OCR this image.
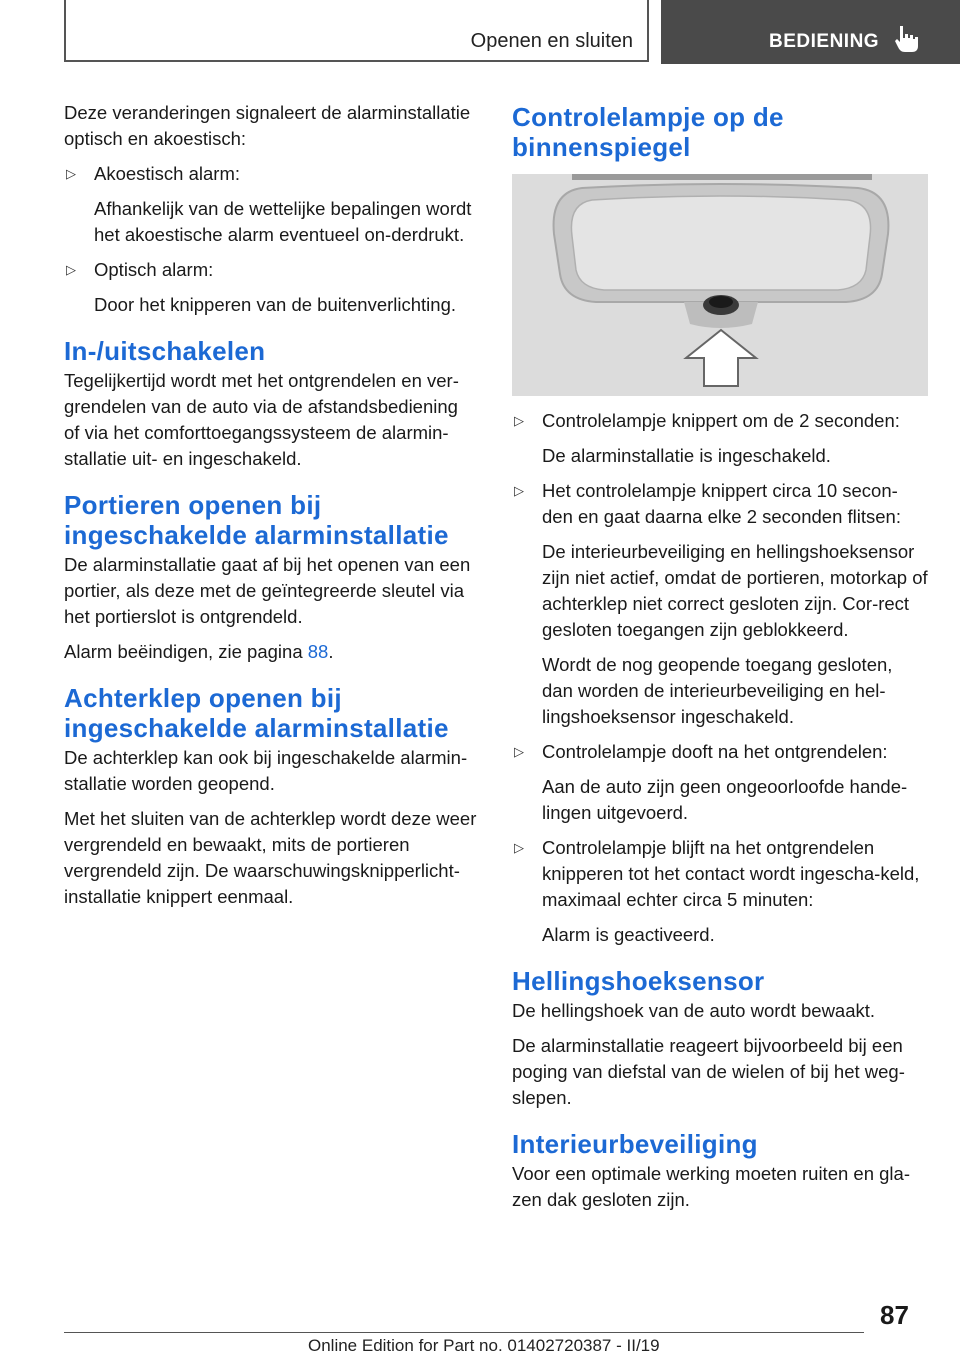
Openen en sluiten	BEDIENING

Deze veranderingen signaleert de alarminstallatie optisch en akoestisch:

▷ Akoestisch alarm:

Afhankelijk van de wettelijke bepalingen wordt het akoestische alarm eventueel on-derdrukt.

▷ Optisch alarm:

Door het knipperen van de buitenverlichting.

In-/uitschakelen

Tegelijkertijd wordt met het ontgrendelen en ver-grendelen van de auto via de afstandsbediening of via het comforttoegangssysteem de alarmin-stallatie uit- en ingeschakeld.

Portieren openen bij ingeschakelde alarminstallatie

De alarminstallatie gaat af bij het openen van een portier, als deze met de geïntegreerde sleutel via het portierslot is ontgrendeld.

Alarm beëindigen, zie pagina 88.

Achterklep openen bij ingeschakelde alarminstallatie

De achterklep kan ook bij ingeschakelde alarmin-stallatie worden geopend.

Met het sluiten van de achterklep wordt deze weer vergrendeld en bewaakt, mits de portieren vergrendeld zijn. De waarschuwingsknipperlicht-installatie knippert eenmaal.

Controlelampje op de binnenspiegel
▷ Controlelampje knippert om de 2 seconden:

De alarminstallatie is ingeschakeld.

▷ Het controlelampje knippert circa 10 secon-den en gaat daarna elke 2 seconden flitsen:

De interieurbeveiliging en hellingshoeksensor zijn niet actief, omdat de portieren, motorkap of achterklep niet correct gesloten zijn. Cor-rect gesloten toegangen zijn geblokkeerd.

Wordt de nog geopende toegang gesloten, dan worden de interieurbeveiliging en hel-lingshoeksensor ingeschakeld.

▷ Controlelampje dooft na het ontgrendelen:

Aan de auto zijn geen ongeoorloofde hande-lingen uitgevoerd.

▷ Controlelampje blijft na het ontgrendelen knipperen tot het contact wordt ingescha-keld, maximaal echter circa 5 minuten:

Alarm is geactiveerd.

Hellingshoeksensor

De hellingshoek van de auto wordt bewaakt.

De alarminstallatie reageert bijvoorbeeld bij een poging van diefstal van de wielen of bij het weg-slepen.

Interieurbeveiliging

Voor een optimale werking moeten ruiten en gla-zen dak gesloten zijn.

87
Online Edition for Part no. 01402720387 - II/19
